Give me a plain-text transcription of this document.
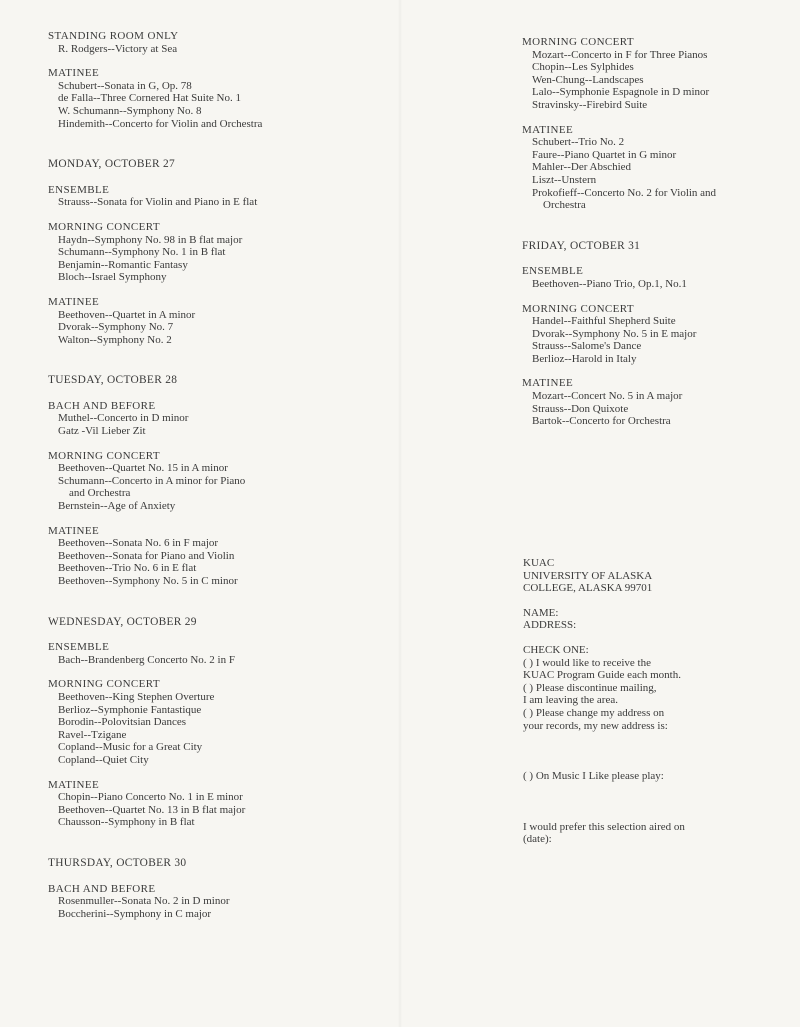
STANDING ROOM ONLY
R. Rodgers--Victory at Sea
MATINEE
Schubert--Sonata in G, Op. 78
de Falla--Three Cornered Hat Suite No. 1
W. Schumann--Symphony No. 8
Hindemith--Concerto for Violin and Orchestra
MONDAY, OCTOBER 27
ENSEMBLE
Strauss--Sonata for Violin and Piano in E flat
MORNING CONCERT
Haydn--Symphony No. 98 in B flat major
Schumann--Symphony No. 1 in B flat
Benjamin--Romantic Fantasy
Bloch--Israel Symphony
MATINEE
Beethoven--Quartet in A minor
Dvorak--Symphony No. 7
Walton--Symphony No. 2
TUESDAY, OCTOBER 28
BACH AND BEFORE
Muthel--Concerto in D minor
Gatz -Vil Lieber Zit
MORNING CONCERT
Beethoven--Quartet No. 15 in A minor
Schumann--Concerto in A minor for Piano
and Orchestra
Bernstein--Age of Anxiety
MATINEE
Beethoven--Sonata No. 6 in F major
Beethoven--Sonata for Piano and Violin
Beethoven--Trio No. 6 in E flat
Beethoven--Symphony No. 5 in C minor
WEDNESDAY, OCTOBER 29
ENSEMBLE
Bach--Brandenberg Concerto No. 2 in F
MORNING CONCERT
Beethoven--King Stephen Overture
Berlioz--Symphonie Fantastique
Borodin--Polovitsian Dances
Ravel--Tzigane
Copland--Music for a Great City
Copland--Quiet City
MATINEE
Chopin--Piano Concerto No. 1 in E minor
Beethoven--Quartet No. 13 in B flat major
Chausson--Symphony in B flat
THURSDAY, OCTOBER 30
BACH AND BEFORE
Rosenmuller--Sonata No. 2 in D minor
Boccherini--Symphony in C major
MORNING CONCERT
Mozart--Concerto in F for Three Pianos
Chopin--Les Sylphides
Wen-Chung--Landscapes
Lalo--Symphonie Espagnole in D minor
Stravinsky--Firebird Suite
MATINEE
Schubert--Trio No. 2
Faure--Piano Quartet in G minor
Mahler--Der Abschied
Liszt--Unstern
Prokofieff--Concerto No. 2 for Violin and
Orchestra
FRIDAY, OCTOBER 31
ENSEMBLE
Beethoven--Piano Trio, Op.1, No.1
MORNING CONCERT
Handel--Faithful Shepherd Suite
Dvorak--Symphony No. 5 in E major
Strauss--Salome's Dance
Berlioz--Harold in Italy
MATINEE
Mozart--Concert No. 5 in A major
Strauss--Don Quixote
Bartok--Concerto for Orchestra
KUAC
UNIVERSITY OF ALASKA
COLLEGE, ALASKA 99701
NAME:
ADDRESS:
CHECK ONE:
( ) I would like to receive the
KUAC Program Guide each month.
( ) Please discontinue mailing,
I am leaving the area.
( ) Please change my address on
your records, my new address is:
( ) On Music I Like please play:
I would prefer this selection aired on
(date):
